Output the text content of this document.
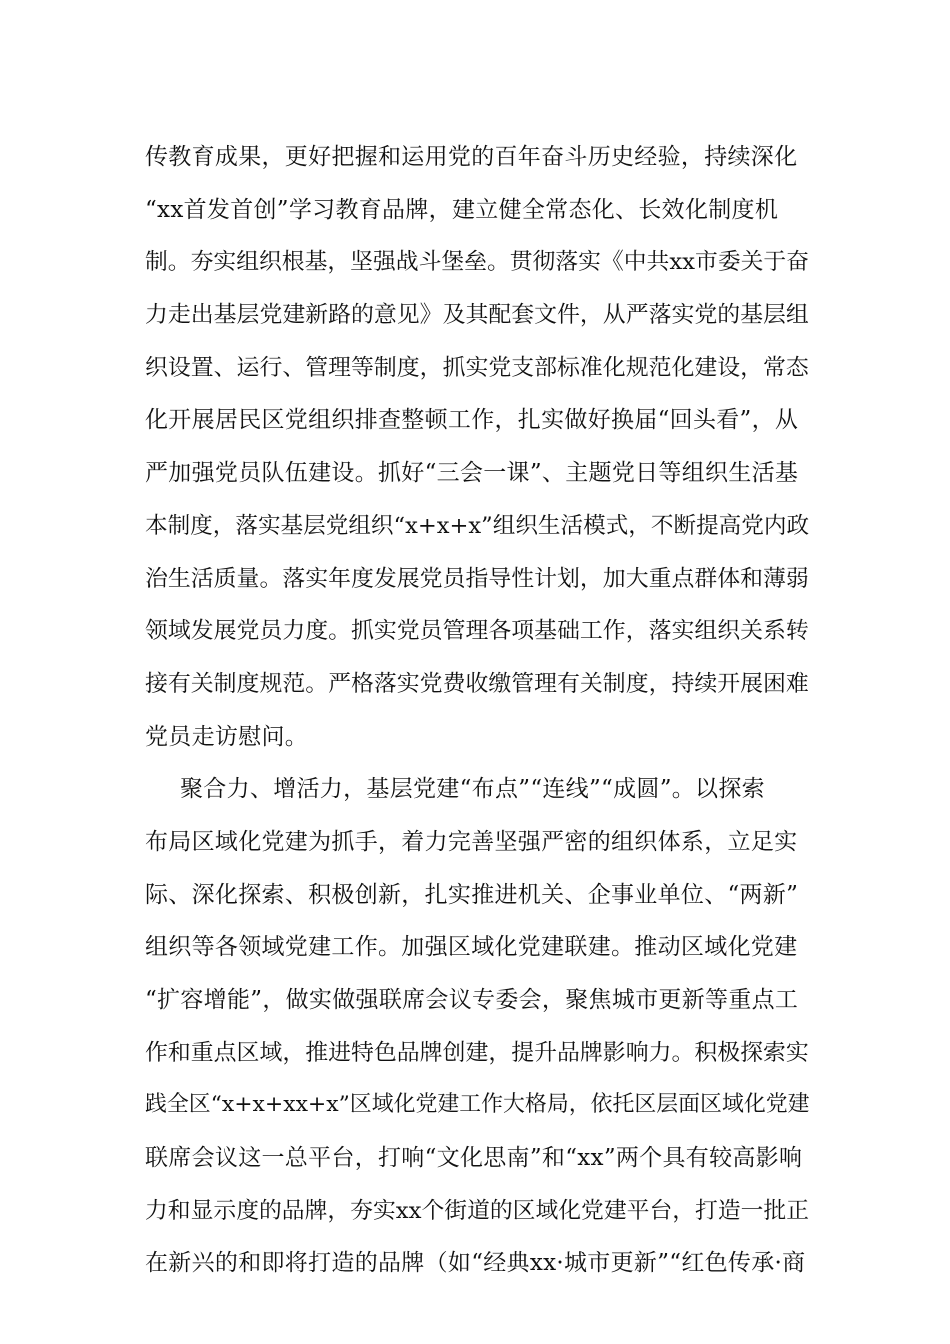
传教育成果，更好把握和运用党的百年奋斗历史经验，持续深化
“xx首发首创”学习教育品牌，建立健全常态化、长效化制度机
制。夯实组织根基，坚强战斗堡垒。贯彻落实《中共xx市委关于奋
力走出基层党建新路的意见》及其配套文件，从严落实党的基层组
织设置、运行、管理等制度，抓实党支部标准化规范化建设，常态
化开展居民区党组织排查整顿工作，扎实做好换届“回头看”，从
严加强党员队伍建设。抓好“三会一课”、主题党日等组织生活基
本制度，落实基层党组织“x+x+x”组织生活模式，不断提高党内政
治生活质量。落实年度发展党员指导性计划，加大重点群体和薄弱
领域发展党员力度。抓实党员管理各项基础工作，落实组织关系转
接有关制度规范。严格落实党费收缴管理有关制度，持续开展困难
党员走访慰问。
聚合力、增活力，基层党建“布点”“连线”“成圆”。以探索
布局区域化党建为抓手，着力完善坚强严密的组织体系，立足实
际、深化探索、积极创新，扎实推进机关、企事业单位、“两新”
组织等各领域党建工作。加强区域化党建联建。推动区域化党建
“扩容增能”，做实做强联席会议专委会，聚焦城市更新等重点工
作和重点区域，推进特色品牌创建，提升品牌影响力。积极探索实
践全区“x+x+xx+x”区域化党建工作大格局，依托区层面区域化党建
联席会议这一总平台，打响“文化思南”和“xx”两个具有较高影响
力和显示度的品牌，夯实xx个街道的区域化党建平台，打造一批正
在新兴的和即将打造的品牌（如“经典xx·城市更新”“红色传承·商
